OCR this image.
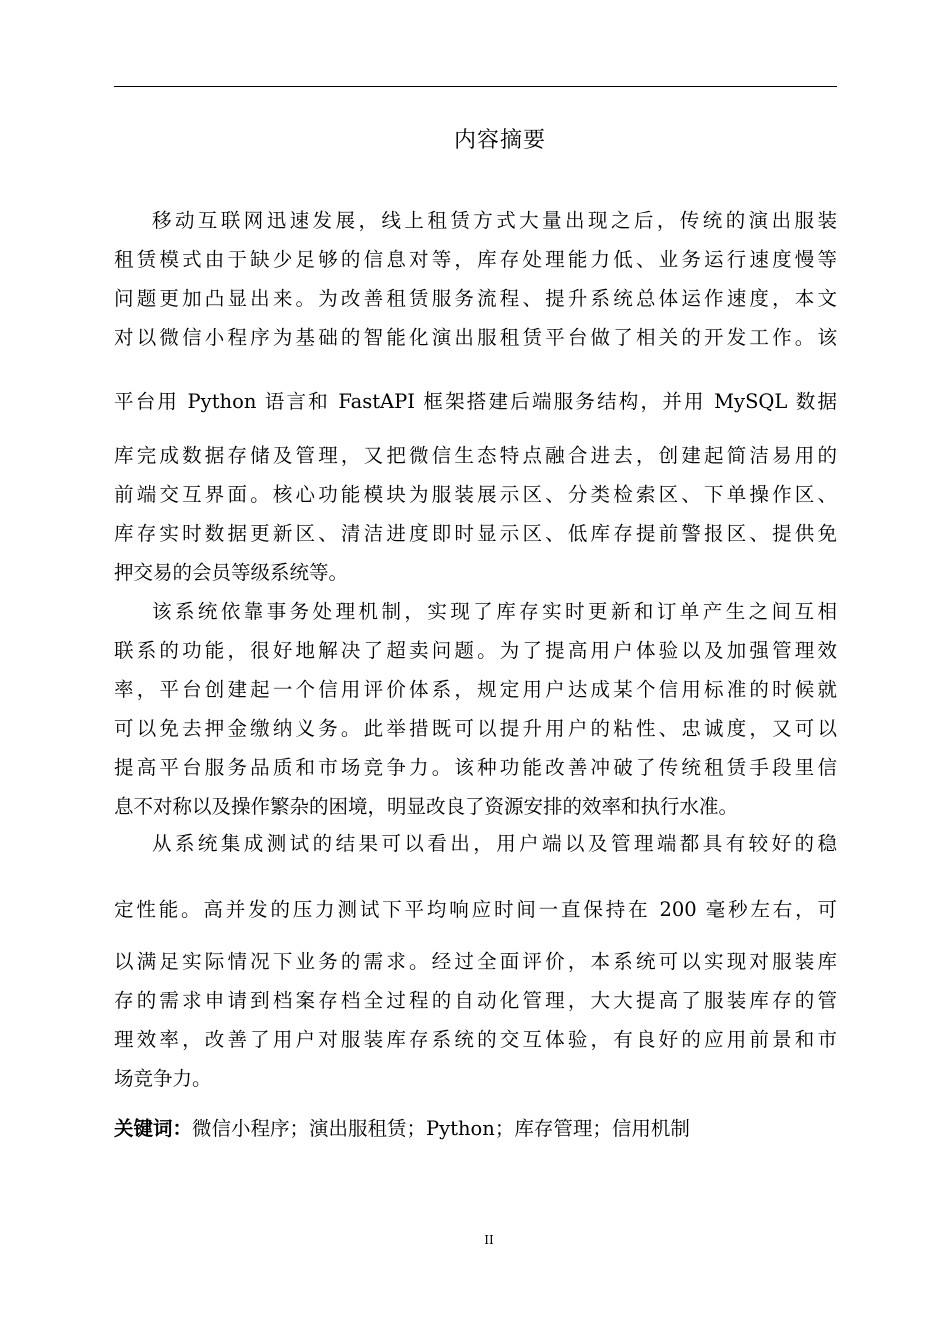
内容摘要
移动互联网迅速发展，线上租赁方式大量出现之后，传统的演出服装
租赁模式由于缺少足够的信息对等，库存处理能力低、业务运行速度慢等
问题更加凸显出来。为改善租赁服务流程、提升系统总体运作速度，本文
对以微信小程序为基础的智能化演出服租赁平台做了相关的开发工作。该
平台用 Python 语言和 FastAPI 框架搭建后端服务结构，并用 MySQL 数据
库完成数据存储及管理，又把微信生态特点融合进去，创建起简洁易用的
前端交互界面。核心功能模块为服装展示区、分类检索区、下单操作区、
库存实时数据更新区、清洁进度即时显示区、低库存提前警报区、提供免
押交易的会员等级系统等。
该系统依靠事务处理机制，实现了库存实时更新和订单产生之间互相
联系的功能，很好地解决了超卖问题。为了提高用户体验以及加强管理效
率，平台创建起一个信用评价体系，规定用户达成某个信用标准的时候就
可以免去押金缴纳义务。此举措既可以提升用户的粘性、忠诚度，又可以
提高平台服务品质和市场竞争力。该种功能改善冲破了传统租赁手段里信
息不对称以及操作繁杂的困境，明显改良了资源安排的效率和执行水准。
从系统集成测试的结果可以看出，用户端以及管理端都具有较好的稳
定性能。高并发的压力测试下平均响应时间一直保持在 200 毫秒左右，可
以满足实际情况下业务的需求。经过全面评价，本系统可以实现对服装库
存的需求申请到档案存档全过程的自动化管理，大大提高了服装库存的管
理效率，改善了用户对服装库存系统的交互体验，有良好的应用前景和市
场竞争力。
关键词：微信小程序；演出服租赁；Python；库存管理；信用机制
II
